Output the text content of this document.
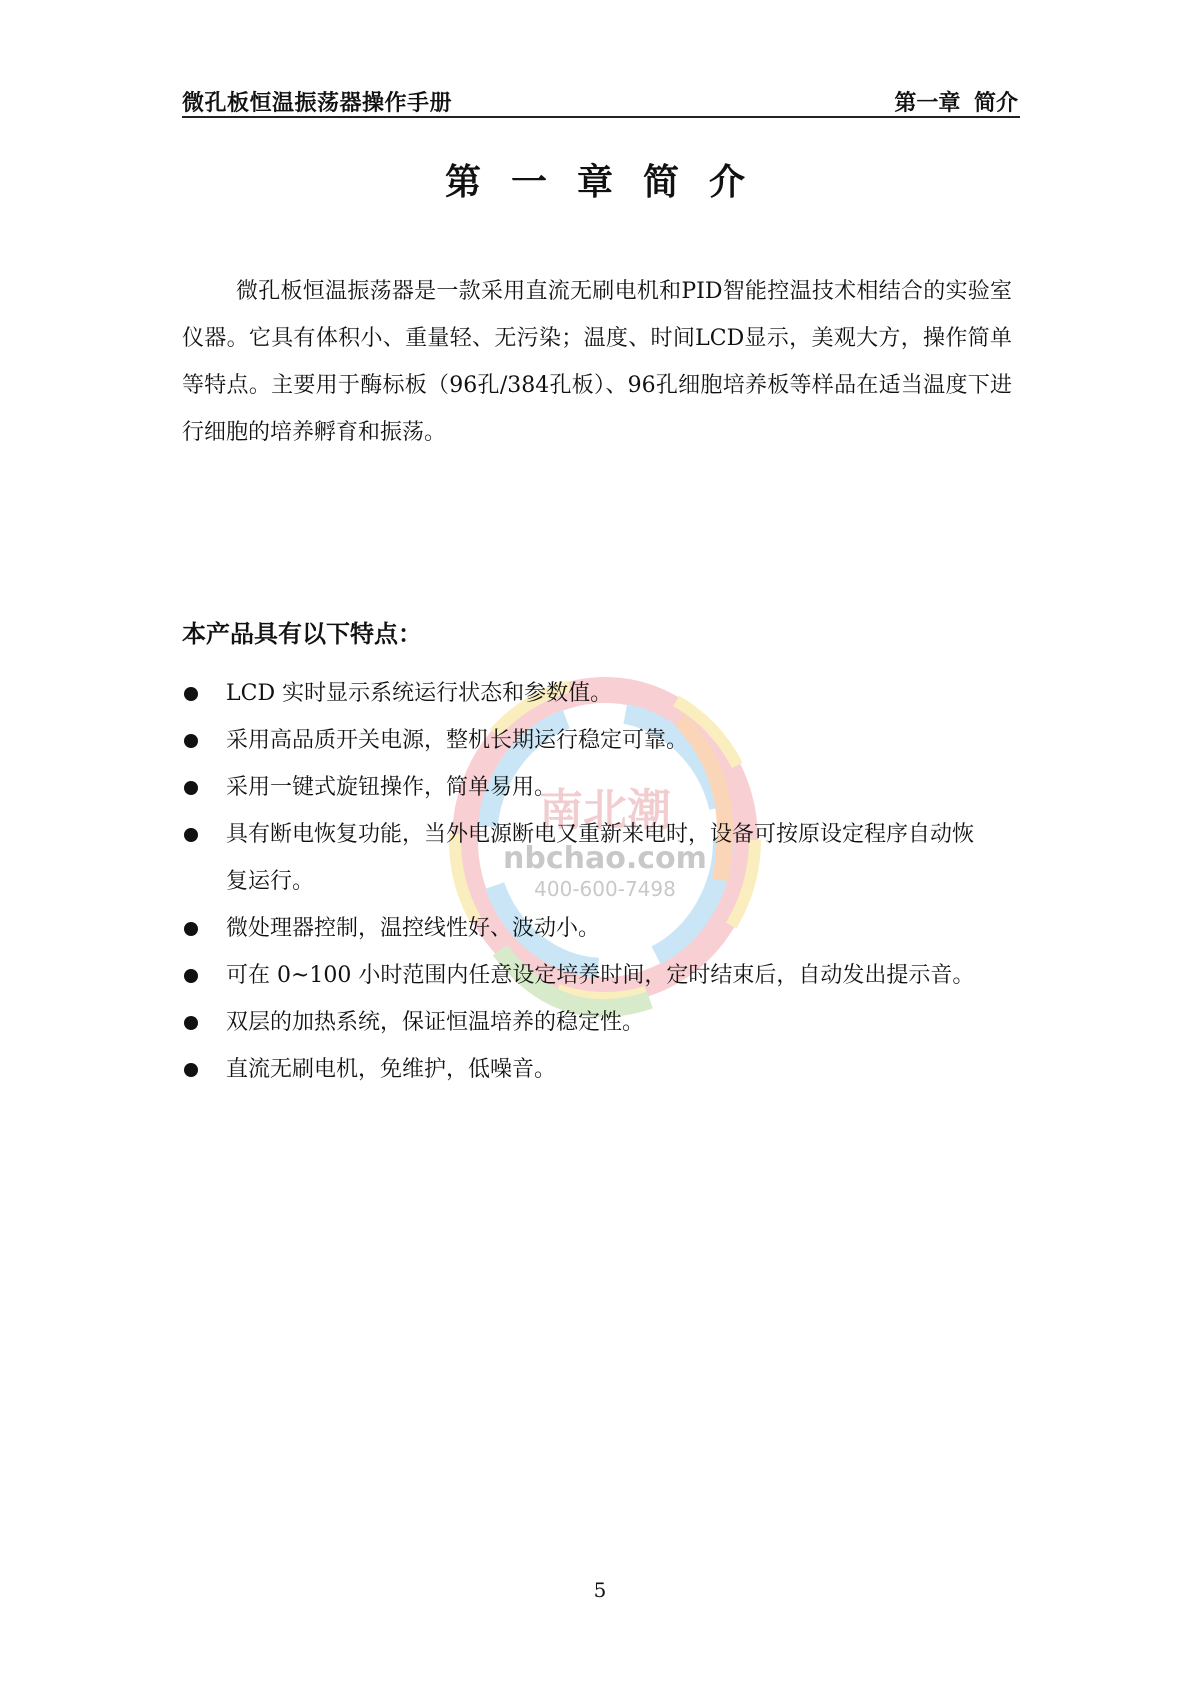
微孔板恒温振荡器操作手册	第一章 简介
第一章简介

微孔板恒温振荡器是一款采用直流无刷电机和PID智能控温技术相结合的实验室仪器。它具有体积小、重量轻、无污染；温度、时间LCD显示，美观大方，操作简单等特点。主要用于酶标板（96孔/384孔板）、96孔细胞培养板等样品在适当温度下进行细胞的培养孵育和振荡。

南北潮
nbchao.com
400-600-7498
本产品具有以下特点：
LCD 实时显示系统运行状态和参数值。
采用高品质开关电源，整机长期运行稳定可靠。
采用一键式旋钮操作，简单易用。
具有断电恢复功能，当外电源断电又重新来电时，设备可按原设定程序自动恢复运行。
微处理器控制，温控线性好、波动小。
可在 0~100 小时范围内任意设定培养时间，定时结束后，自动发出提示音。
双层的加热系统，保证恒温培养的稳定性。
直流无刷电机，免维护，低噪音。
5
